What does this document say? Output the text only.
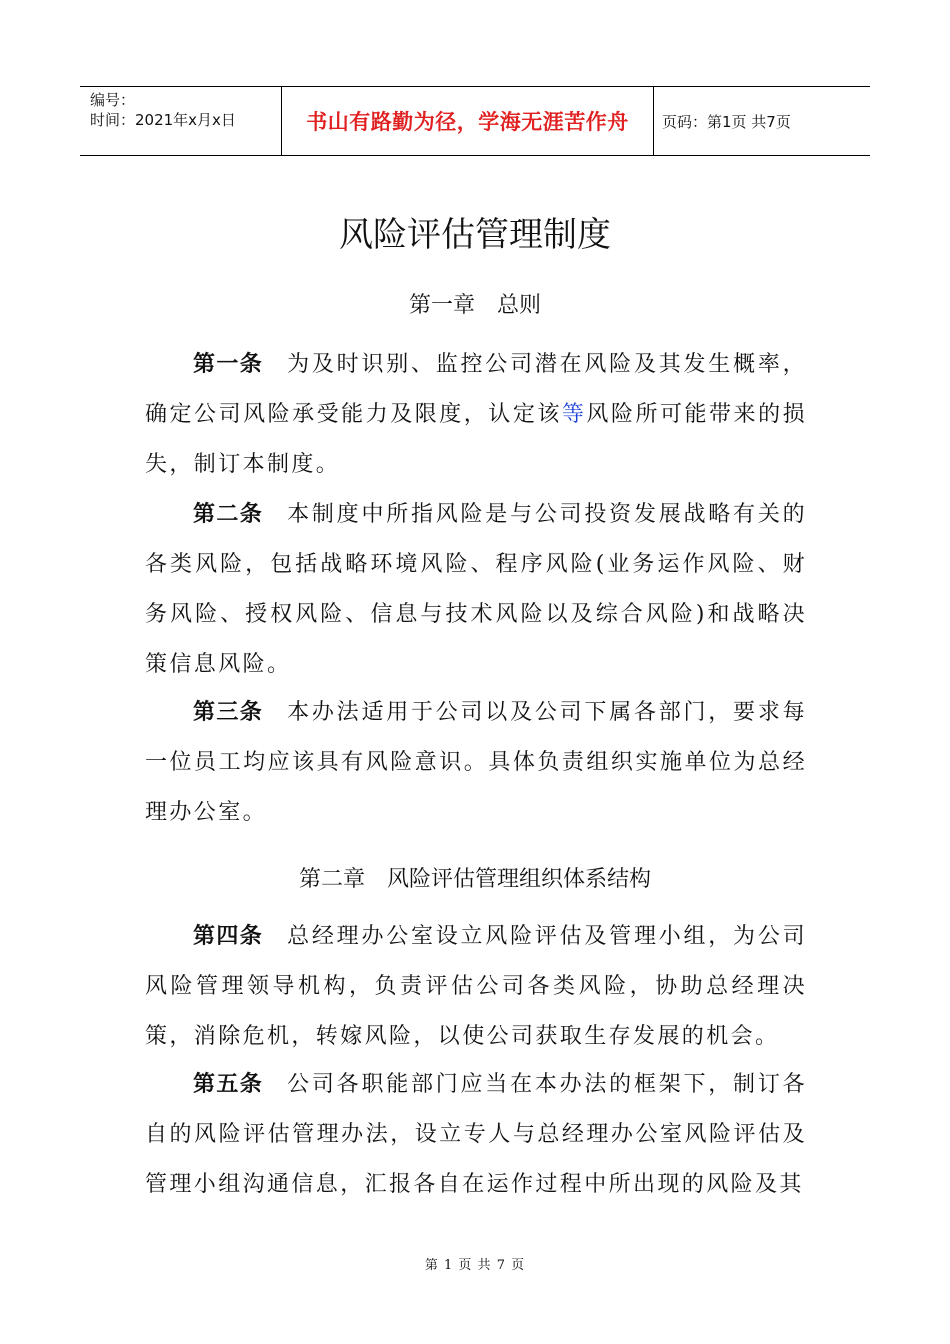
编号：
时间：2021年x月x日	书山有路勤为径，学海无涯苦作舟	页码：第1页 共7页
风险评估管理制度
第一章　总则
第一条 为及时识别、监控公司潜在风险及其发生概率，确定公司风险承受能力及限度，认定该等风险所可能带来的损失，制订本制度。
第二条 本制度中所指风险是与公司投资发展战略有关的各类风险，包括战略环境风险、程序风险(业务运作风险、财务风险、授权风险、信息与技术风险以及综合风险)和战略决策信息风险。
第三条 本办法适用于公司以及公司下属各部门，要求每一位员工均应该具有风险意识。具体负责组织实施单位为总经理办公室。
第二章　风险评估管理组织体系结构
第四条 总经理办公室设立风险评估及管理小组，为公司风险管理领导机构，负责评估公司各类风险，协助总经理决策，消除危机，转嫁风险，以使公司获取生存发展的机会。
第五条 公司各职能部门应当在本办法的框架下，制订各自的风险评估管理办法，设立专人与总经理办公室风险评估及管理小组沟通信息，汇报各自在运作过程中所出现的风险及其
第 1 页 共 7 页
